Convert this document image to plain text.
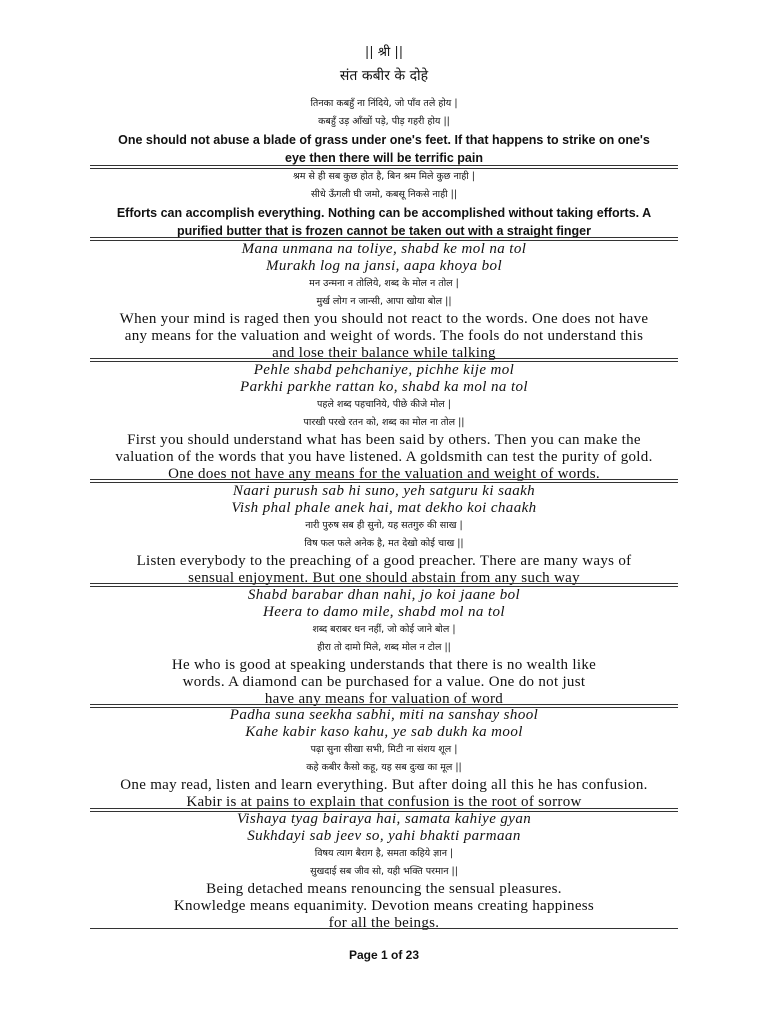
|| श्री ||
संत कबीर के दोहे
तिनका कबहुँ ना निंदिये, जो पाँव तले होय |
कबहुँ उड़ आँखों पड़े, पीड़ गहरी होय ||
One should not abuse a blade of grass under one's feet. If that happens to strike on one's
eye then there will be terrific pain
श्रम से ही सब कुछ होत है, बिन श्रम मिले कुछ नाही |
सीधे ऊँगली घी जमो, कबसू निकसे नाही ||
Efforts can accomplish everything. Nothing can be accomplished without taking efforts. A
purified butter that is frozen cannot be taken out with a straight finger
Mana unmana na toliye, shabd ke mol na tol
Murakh log na jansi, aapa khoya bol
मन उन्मना न तोलिये, शब्द के मोल न तोल |
मुर्ख लोग न जान्सी, आपा खोया बोल ||
When your mind is raged then you should not react to the words. One does not have
any means for the valuation and weight of words. The fools do not understand this
and lose their balance while talking
Pehle shabd pehchaniye, pichhe kije mol
Parkhi parkhe rattan ko, shabd ka mol na tol
पहले शब्द पहचानिये, पीछे कीजे मोल |
पारखी परखे रतन को, शब्द का मोल ना तोल ||
First you should understand what has been said by others. Then you can make the
valuation of the words that you have listened. A goldsmith can test the purity of gold.
One does not have any means for the valuation and weight of words.
Naari purush sab hi suno, yeh satguru ki saakh
Vish phal phale anek hai, mat dekho koi chaakh
नारी पुरुष सब ही सुनो, यह सतगुरु की साख |
विष फल फले अनेक है, मत देखो कोई चाख ||
Listen everybody to the preaching of a good preacher. There are many ways of
sensual enjoyment. But one should abstain from any such way
Shabd barabar dhan nahi, jo koi jaane bol
Heera to damo mile, shabd mol na tol
शब्द बराबर धन नहीं, जो कोई जाने बोल |
हीरा तो दामो मिले, शब्द मोल न टोल ||
He who is good at speaking understands that there is no wealth like
words. A diamond can be purchased for a value. One do not just
have any means for valuation of word
Padha suna seekha sabhi, miti na sanshay shool
Kahe kabir kaso kahu, ye sab dukh ka mool
पढ़ा सुना सीखा सभी, मिटी ना संशय शूल |
कहे कबीर कैसो कहू, यह सब दुःख का मूल ||
One may read, listen and learn everything. But after doing all this he has confusion.
Kabir is at pains to explain that confusion is the root of sorrow
Vishaya tyag bairaya hai, samata kahiye gyan
Sukhdayi sab jeev so, yahi bhakti parmaan
विषय त्याग बैराग है, समता कहिये ज्ञान |
सुखदाई सब जीव सो, यही भक्ति परमान ||
Being detached means renouncing the sensual pleasures.
Knowledge means equanimity. Devotion means creating happiness
for all the beings.
Page 1 of 23
